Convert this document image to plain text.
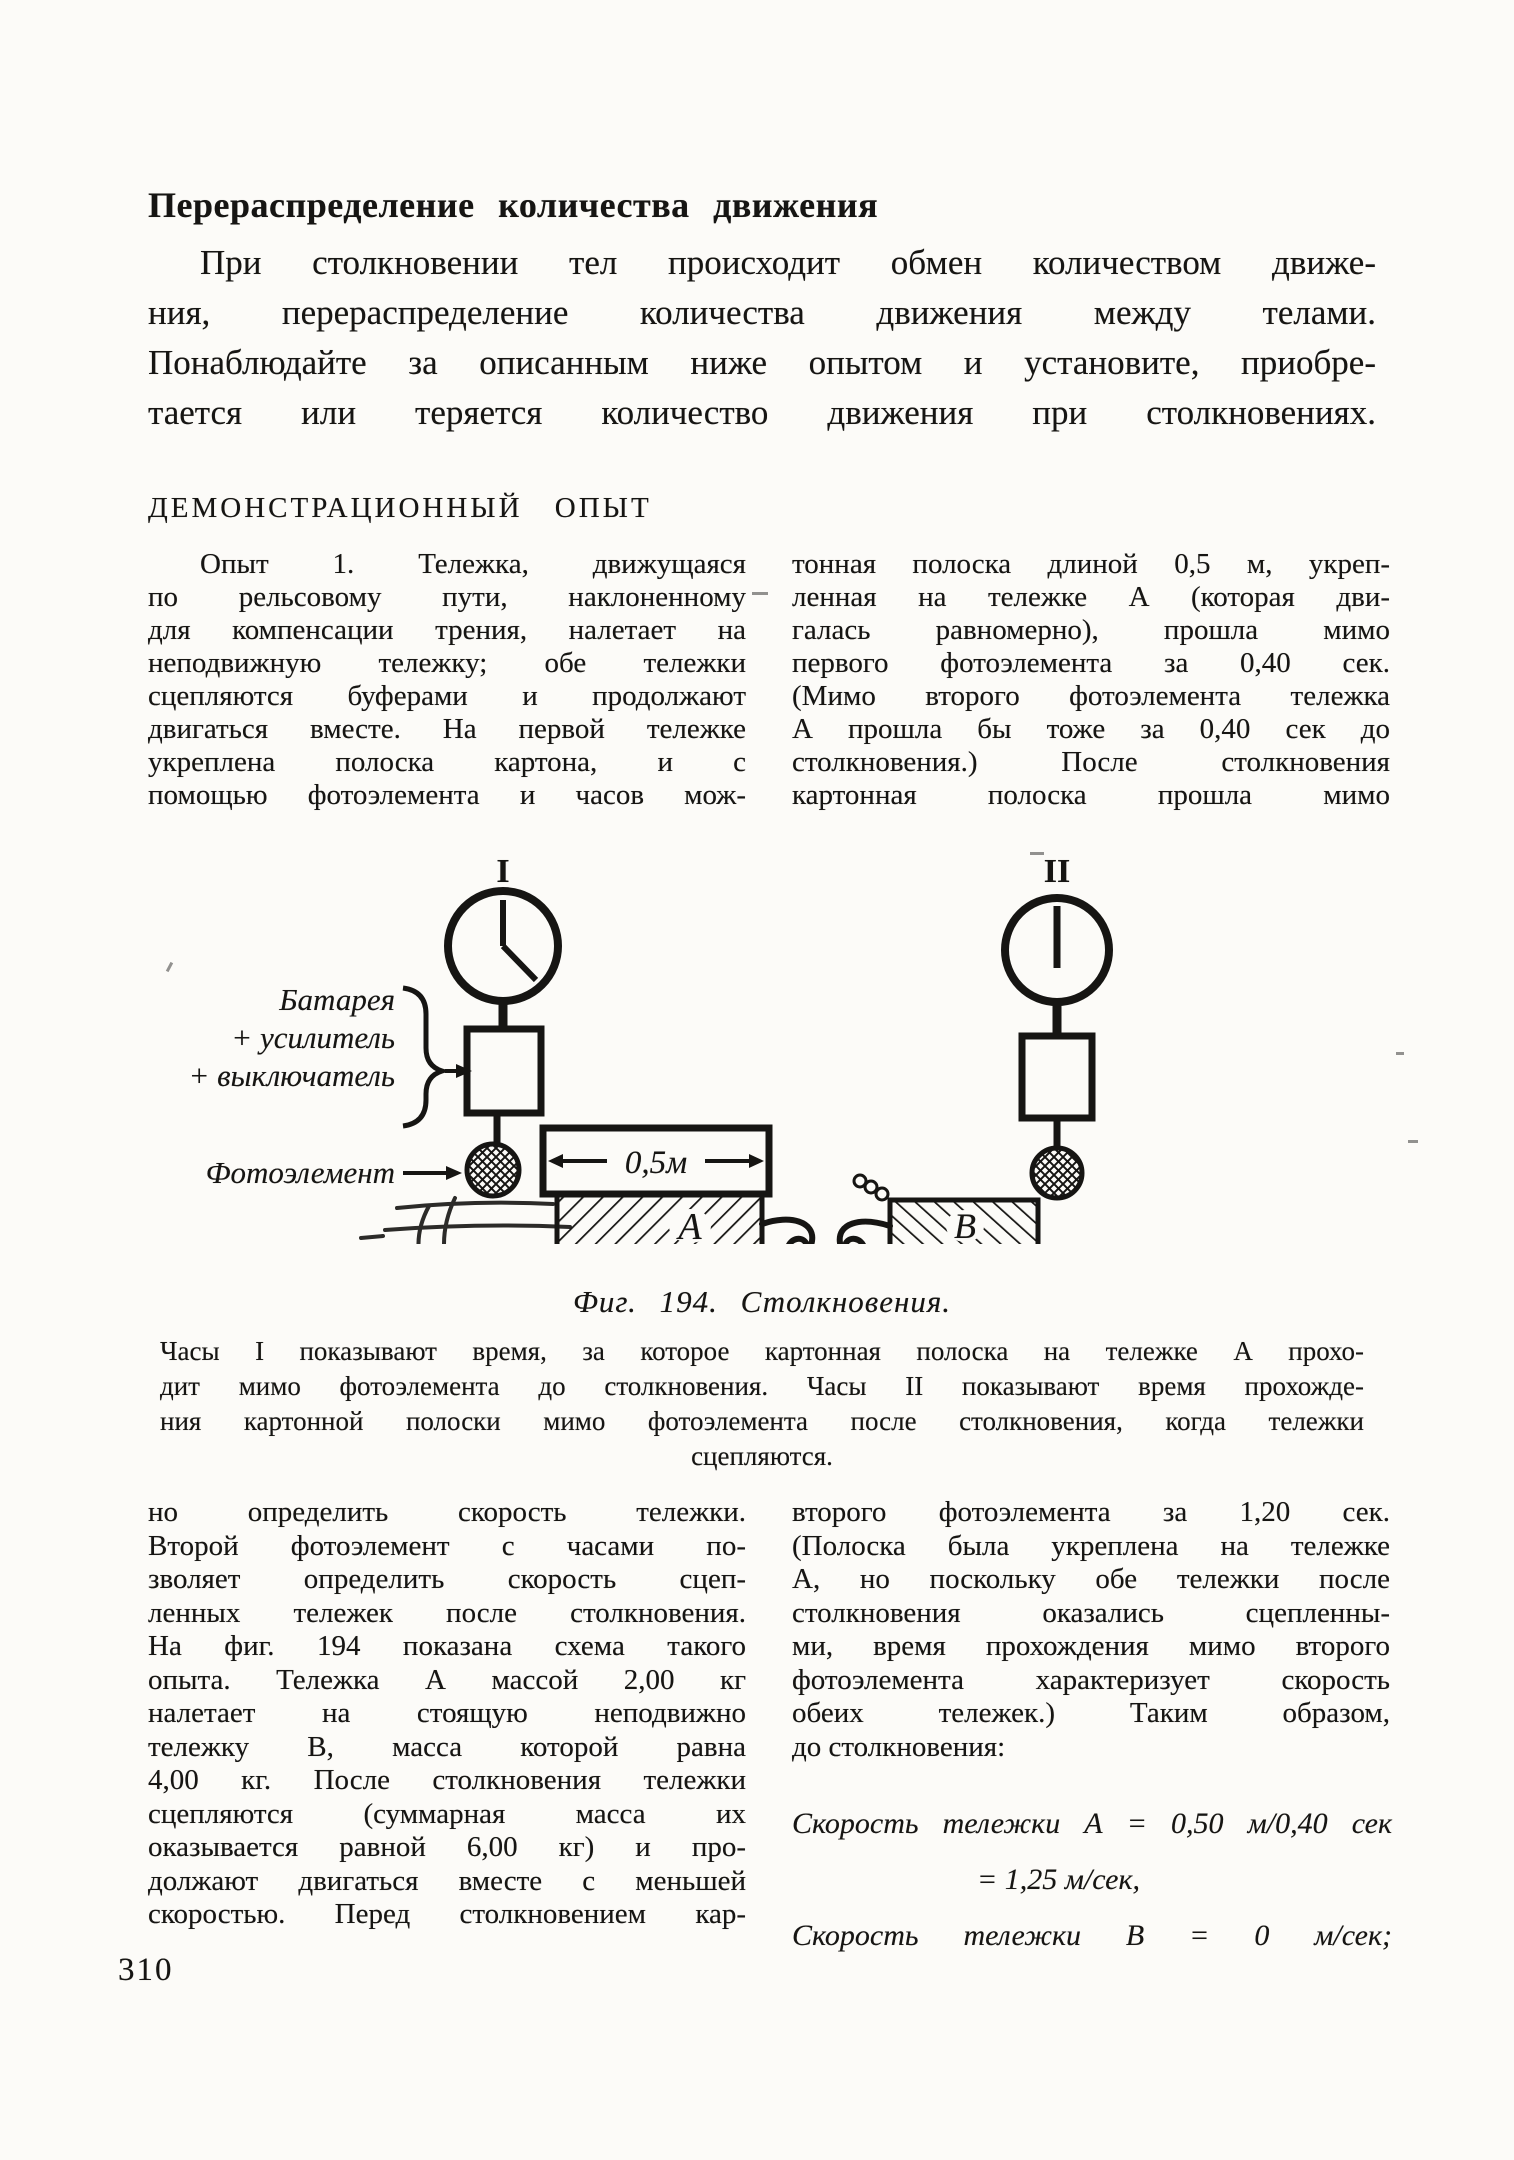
Перераспределение количества движения
При столкновении тел происходит обмен количеством движе-
ния, перераспределение количества движения между телами.
Понаблюдайте за описанным ниже опытом и установите, приобре-
тается или теряется количество движения при столкновениях.
ДЕМОНСТРАЦИОННЫЙ ОПЫТ
Опыт 1. Тележка, движущаяся
по рельсовому пути, наклоненному
для компенсации трения, налетает на
неподвижную тележку; обе тележки
сцепляются буферами и продолжают
двигаться вместе. На первой тележке
укреплена полоска картона, и с
помощью фотоэлемента и часов мож-
тонная полоска длиной 0,5 м, укреп-
ленная на тележке А (которая дви-
галась равномерно), прошла мимо
первого фотоэлемента за 0,40 сек.
(Мимо второго фотоэлемента тележка
А прошла бы тоже за 0,40 сек до
столкновения.) После столкновения
картонная полоска прошла мимо
I	II
Батарея
+ усилитель
+ выключатель
Фотоэлемент	0,5м
А	В
Фиг. 194. Столкновения.
Часы I показывают время, за которое картонная полоска на тележке А прохо-
дит мимо фотоэлемента до столкновения. Часы II показывают время прохожде-
ния картонной полоски мимо фотоэлемента после столкновения, когда тележки
сцепляются.
но определить скорость тележки.
Второй фотоэлемент с часами по-
зволяет определить скорость сцеп-
ленных тележек после столкновения.
На фиг. 194 показана схема такого
опыта. Тележка А массой 2,00 кг
налетает на стоящую неподвижно
тележку В, масса которой равна
4,00 кг. После столкновения тележки
сцепляются (суммарная масса их
оказывается равной 6,00 кг) и про-
должают двигаться вместе с меньшей
скоростью. Перед столкновением кар-
второго фотоэлемента за 1,20 сек.
(Полоска была укреплена на тележке
А, но поскольку обе тележки после
столкновения оказались сцепленны-
ми, время прохождения мимо второго
фотоэлемента характеризует скорость
обеих тележек.) Таким образом,
до столкновения:
Скорость тележки А = 0,50 м/0,40 сек
= 1,25 м/сек,
Скорость тележки В = 0 м/сек;
310
